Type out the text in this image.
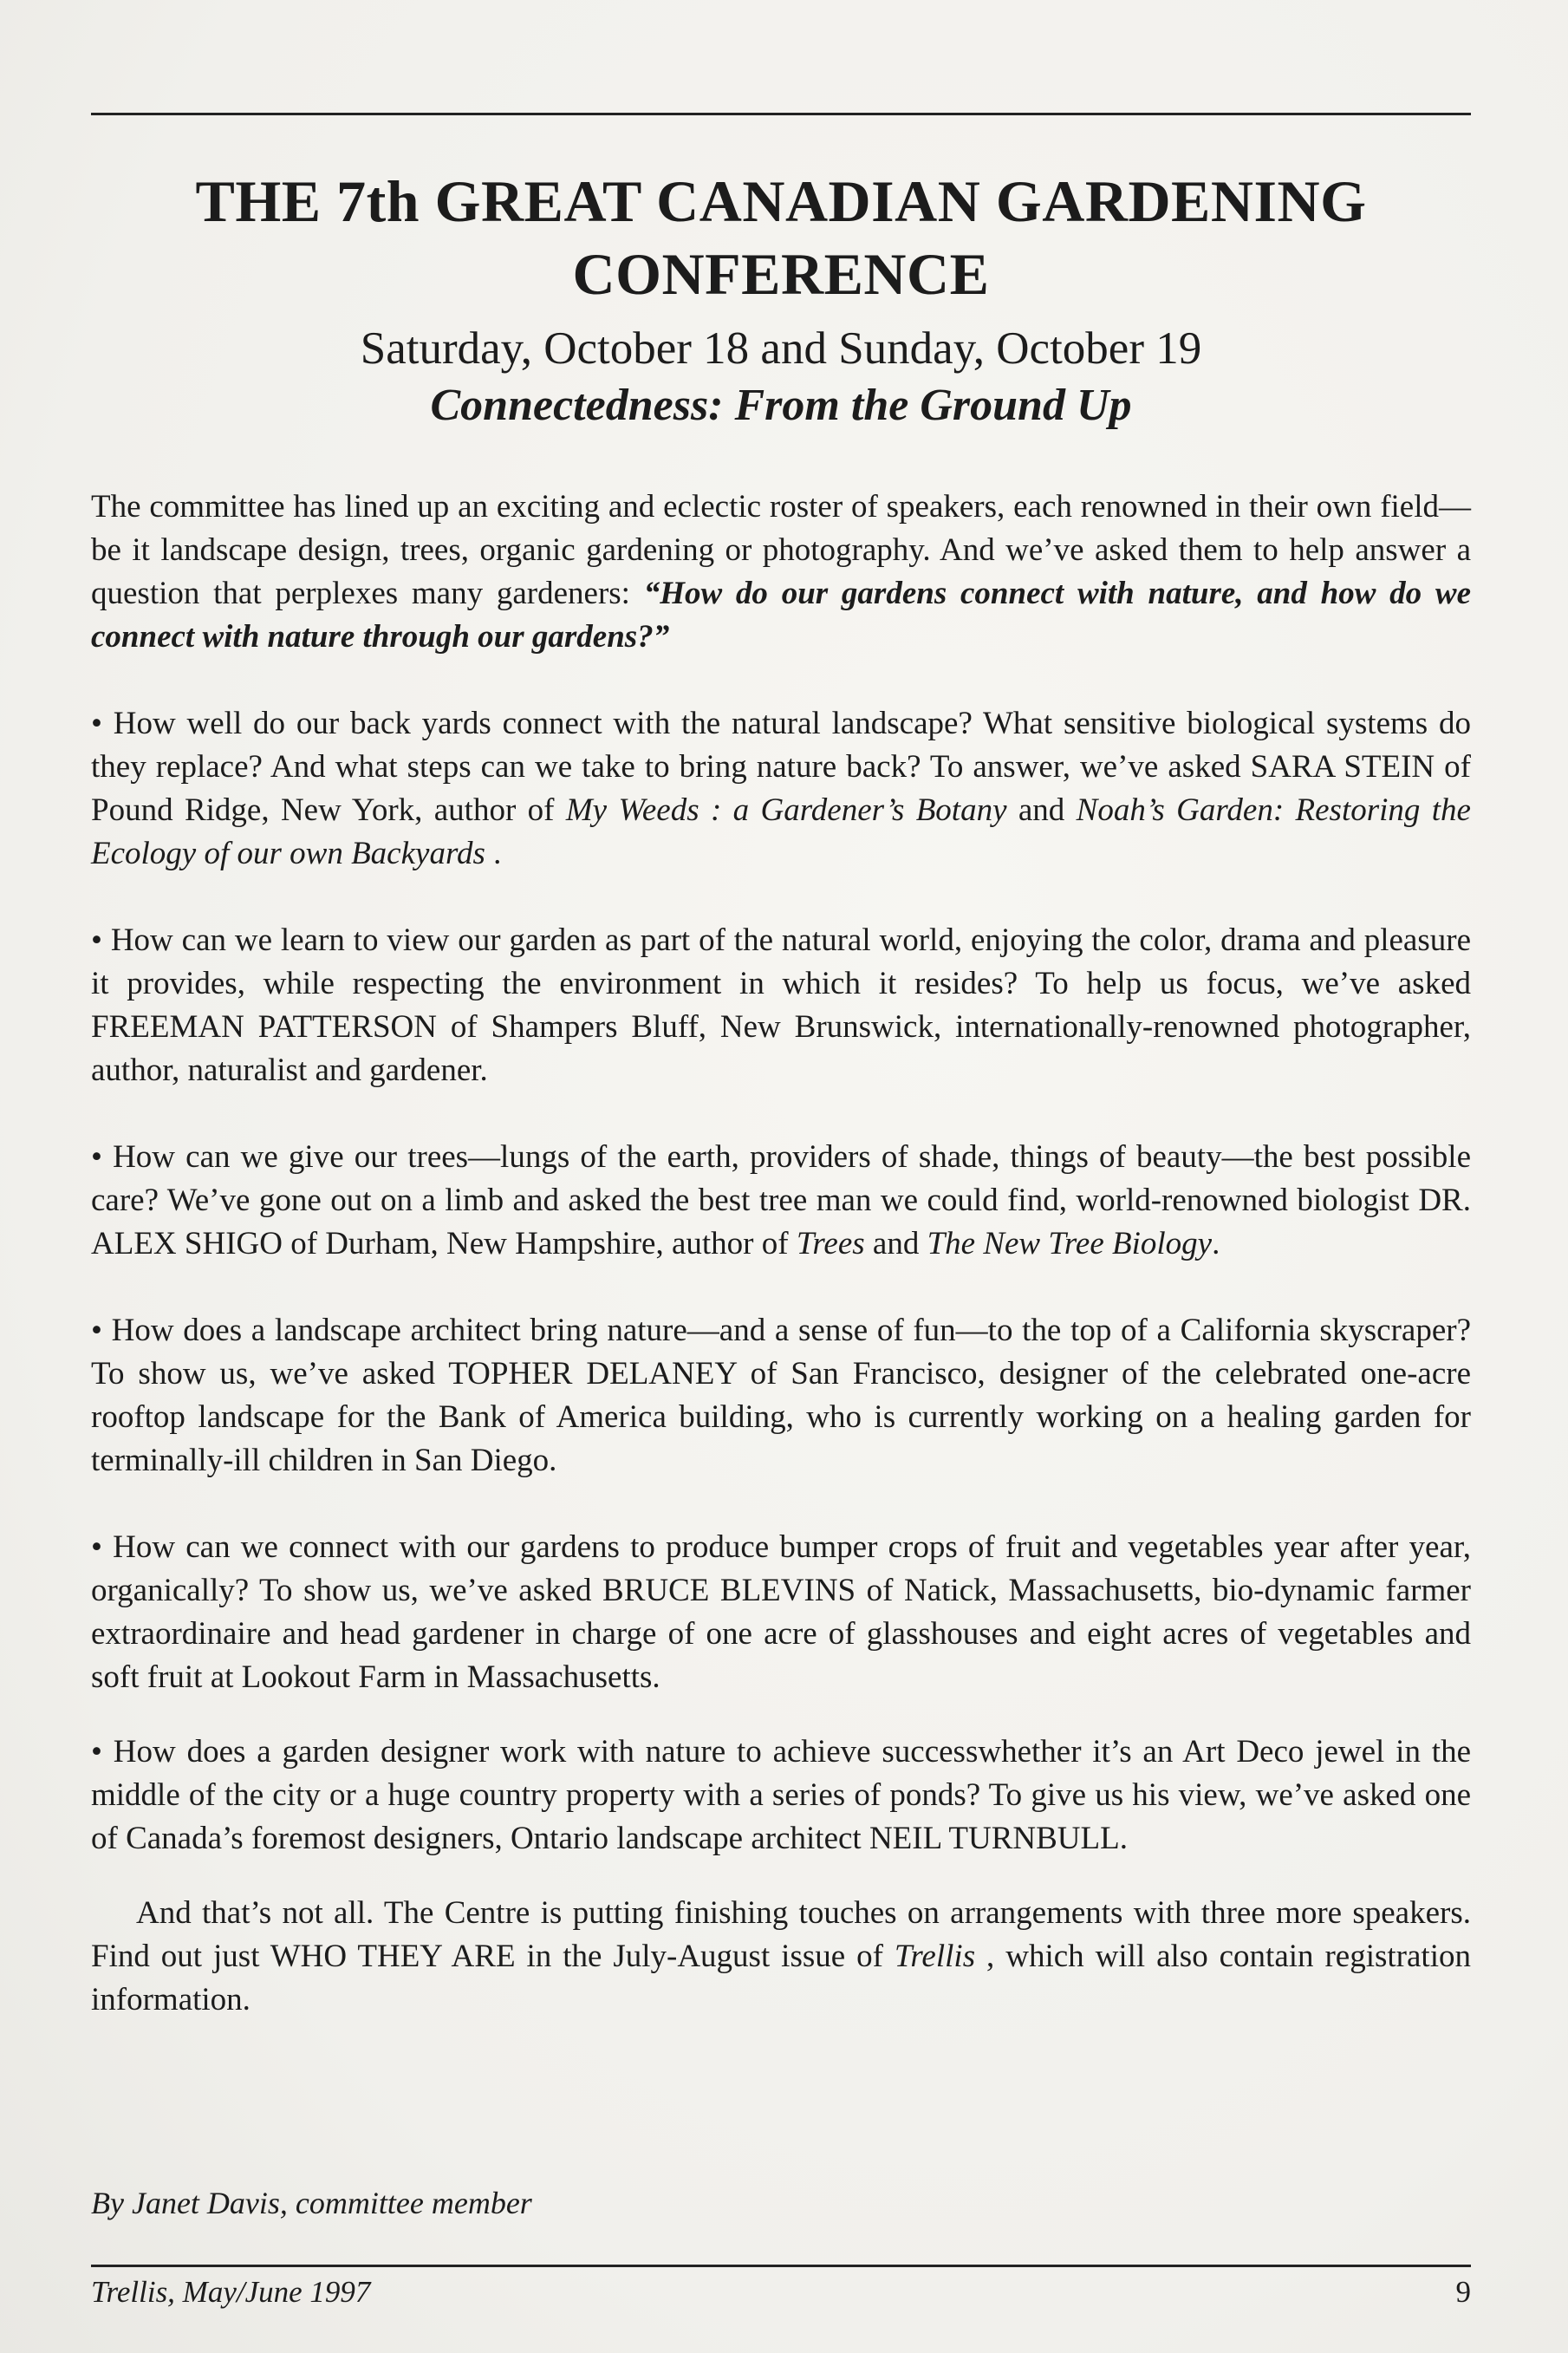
THE 7th GREAT CANADIAN GARDENING CONFERENCE
Saturday, October 18 and Sunday, October 19
Connectedness: From the Ground Up

The committee has lined up an exciting and eclectic roster of speakers, each renowned in their own field—be it landscape design, trees, organic gardening or photography. And we’ve asked them to help answer a question that perplexes many gardeners: “How do our gardens connect with nature, and how do we connect with nature through our gardens?”

• How well do our back yards connect with the natural landscape? What sensitive biological systems do they replace? And what steps can we take to bring nature back? To answer, we’ve asked SARA STEIN of Pound Ridge, New York, author of My Weeds : a Gardener’s Botany and Noah’s Garden: Restoring the Ecology of our own Backyards .

• How can we learn to view our garden as part of the natural world, enjoying the color, drama and pleasure it provides, while respecting the environment in which it resides? To help us focus, we’ve asked FREEMAN PATTERSON of Shampers Bluff, New Brunswick, internationally-renowned photographer, author, naturalist and gardener.

• How can we give our trees—lungs of the earth, providers of shade, things of beauty—the best possible care? We’ve gone out on a limb and asked the best tree man we could find, world-renowned biologist DR. ALEX SHIGO of Durham, New Hampshire, author of Trees and The New Tree Biology.

• How does a landscape architect bring nature—and a sense of fun—to the top of a California skyscraper? To show us, we’ve asked TOPHER DELANEY of San Francisco, designer of the celebrated one-acre rooftop landscape for the Bank of America building, who is currently working on a healing garden for terminally-ill children in San Diego.

• How can we connect with our gardens to produce bumper crops of fruit and vegetables year after year, organically? To show us, we’ve asked BRUCE BLEVINS of Natick, Massachusetts, bio-dynamic farmer extraordinaire and head gardener in charge of one acre of glasshouses and eight acres of vegetables and soft fruit at Lookout Farm in Massachusetts.

• How does a garden designer work with nature to achieve successwhether it’s an Art Deco jewel in the middle of the city or a huge country property with a series of ponds? To give us his view, we’ve asked one of Canada’s foremost designers, Ontario landscape architect NEIL TURNBULL.

And that’s not all. The Centre is putting finishing touches on arrangements with three more speakers. Find out just WHO THEY ARE in the July-August issue of Trellis , which will also contain registration information.

By Janet Davis, committee member
Trellis, May/June 1997	9
